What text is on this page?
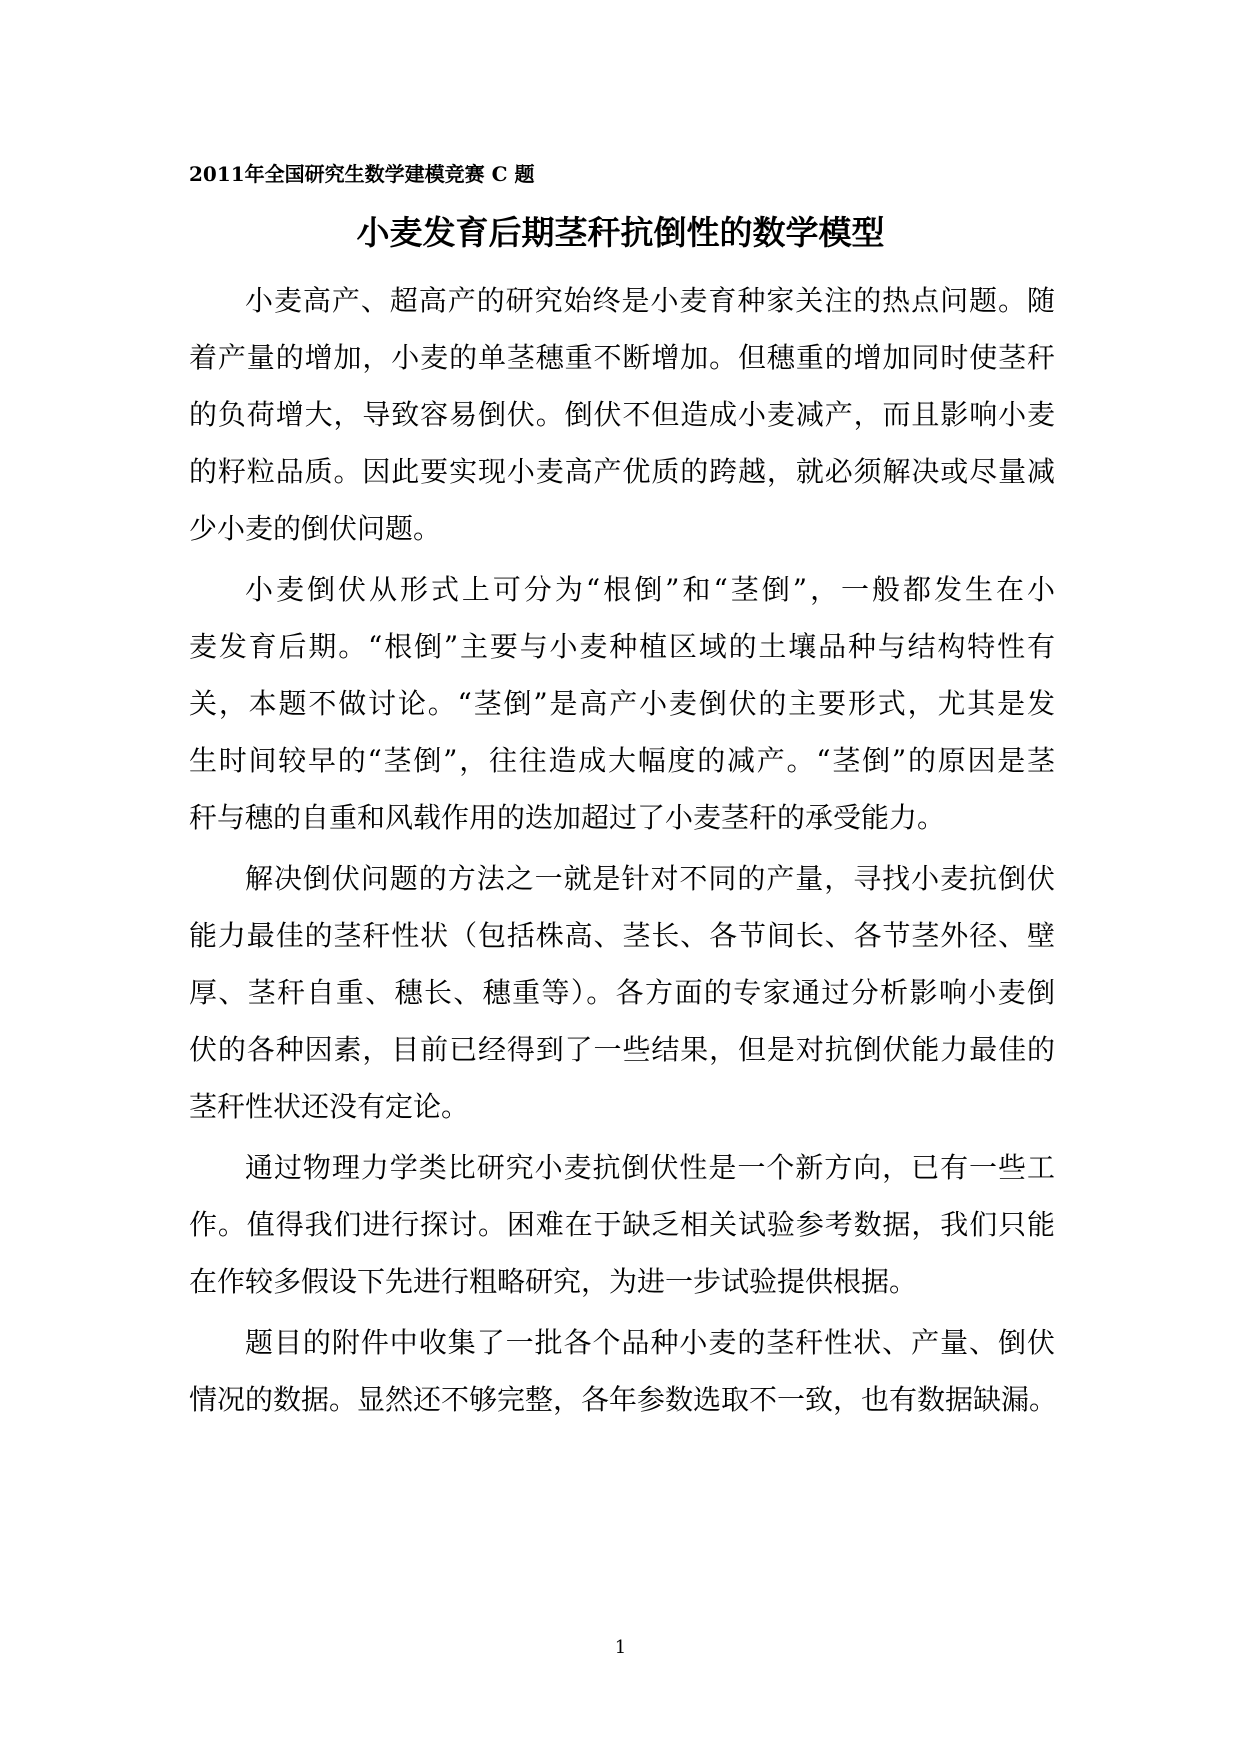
2011年全国研究生数学建模竞赛 C 题
小麦发育后期茎秆抗倒性的数学模型
小麦高产、超高产的研究始终是小麦育种家关注的热点问题。随
着产量的增加，小麦的单茎穗重不断增加。但穗重的增加同时使茎秆
的负荷增大，导致容易倒伏。倒伏不但造成小麦减产，而且影响小麦
的籽粒品质。因此要实现小麦高产优质的跨越，就必须解决或尽量减
少小麦的倒伏问题。
小麦倒伏从形式上可分为“根倒”和“茎倒”，一般都发生在小
麦发育后期。“根倒”主要与小麦种植区域的土壤品种与结构特性有
关，本题不做讨论。“茎倒”是高产小麦倒伏的主要形式，尤其是发
生时间较早的“茎倒”，往往造成大幅度的减产。“茎倒”的原因是茎
秆与穗的自重和风载作用的迭加超过了小麦茎秆的承受能力。
解决倒伏问题的方法之一就是针对不同的产量，寻找小麦抗倒伏
能力最佳的茎秆性状（包括株高、茎长、各节间长、各节茎外径、壁
厚、茎秆自重、穗长、穗重等）。各方面的专家通过分析影响小麦倒
伏的各种因素，目前已经得到了一些结果，但是对抗倒伏能力最佳的
茎秆性状还没有定论。
通过物理力学类比研究小麦抗倒伏性是一个新方向，已有一些工
作。值得我们进行探讨。困难在于缺乏相关试验参考数据，我们只能
在作较多假设下先进行粗略研究，为进一步试验提供根据。
题目的附件中收集了一批各个品种小麦的茎秆性状、产量、倒伏
情况的数据。显然还不够完整，各年参数选取不一致，也有数据缺漏。
1
